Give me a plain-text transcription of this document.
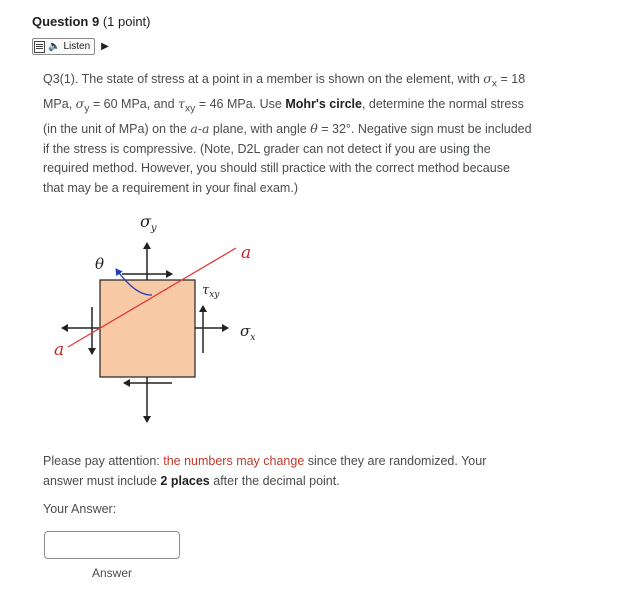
Question 9 (1 point)
🔈 Listen ▶
Q3(1). The state of stress at a point in a member is shown on the element, with $\sigma_x = 18$ MPa, $\sigma_y = 60$ MPa, and $\tau_{xy} = 46$ MPa. Use Mohr's circle, determine the normal stress (in the unit of MPa) on the a-a plane, with angle θ = 32°. Negative sign must be included if the stress is compressive. (Note, D2L grader can not detect if you are using the required method. However, you should still practice with the correct method because that may be a requirement in your final exam.)
$\sigma_y$
θ
a
$\tau_{xy}$
$\sigma_x$
a
Please pay attention: the numbers may change since they are randomized. Your answer must include 2 places after the decimal point.
Your Answer:
Answer
